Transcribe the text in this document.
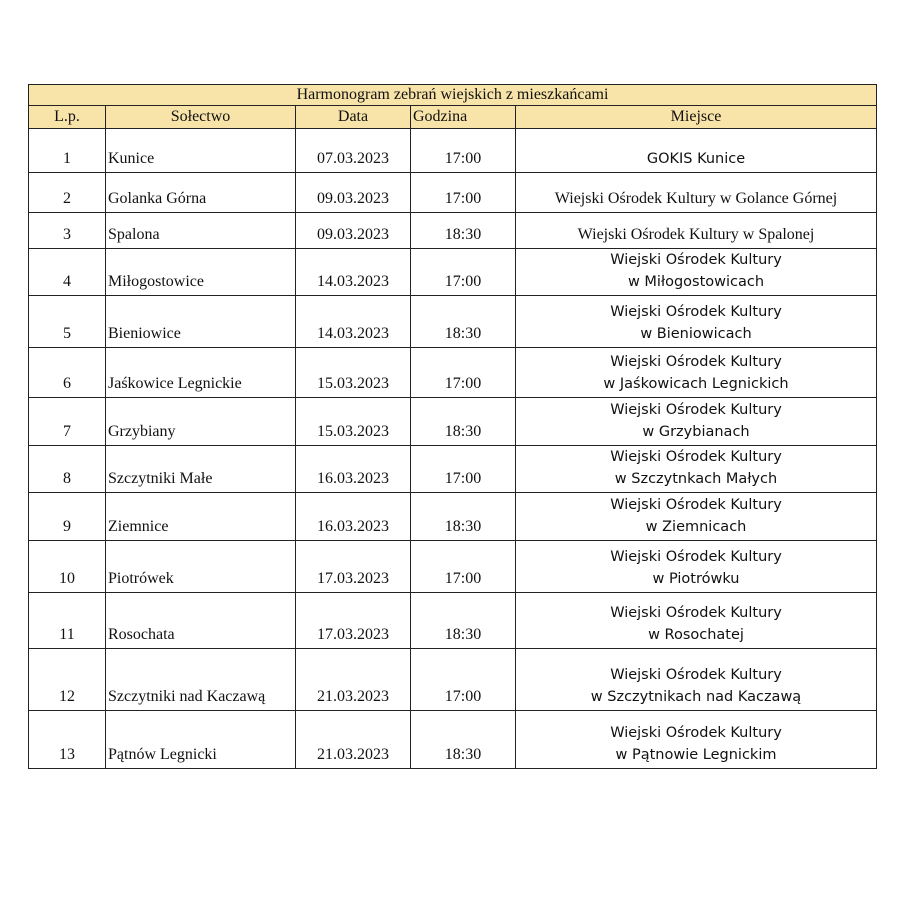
Harmonogram zebrań wiejskich z mieszkańcami				
L.p.	Sołectwo	Data	Godzina	Miejsce
1	Kunice	07.03.2023	17:00	GOKIS Kunice

2	Golanka Górna	09.03.2023	17:00	Wiejski Ośrodek Kultury w Golance Górnej

3	Spalona	09.03.2023	18:30	Wiejski Ośrodek Kultury w Spalonej

4	Miłogostowice	14.03.2023	17:00	Wiejski Ośrodek Kultury
w Miłogostowicach

5	Bieniowice	14.03.2023	18:30	Wiejski Ośrodek Kultury
w Bieniowicach

6	Jaśkowice Legnickie	15.03.2023	17:00	Wiejski Ośrodek Kultury
w Jaśkowicach Legnickich

7	Grzybiany	15.03.2023	18:30	Wiejski Ośrodek Kultury
w Grzybianach

8	Szczytniki Małe	16.03.2023	17:00	Wiejski Ośrodek Kultury
w Szczytnkach Małych

9	Ziemnice	16.03.2023	18:30	Wiejski Ośrodek Kultury
w Ziemnicach

10	Piotrówek	17.03.2023	17:00	Wiejski Ośrodek Kultury
w Piotrówku

11	Rosochata	17.03.2023	18:30	Wiejski Ośrodek Kultury
w Rosochatej

12	Szczytniki nad Kaczawą	21.03.2023	17:00	Wiejski Ośrodek Kultury
w Szczytnikach nad Kaczawą

13	Pątnów Legnicki	21.03.2023	18:30	Wiejski Ośrodek Kultury
w Pątnowie Legnickim
